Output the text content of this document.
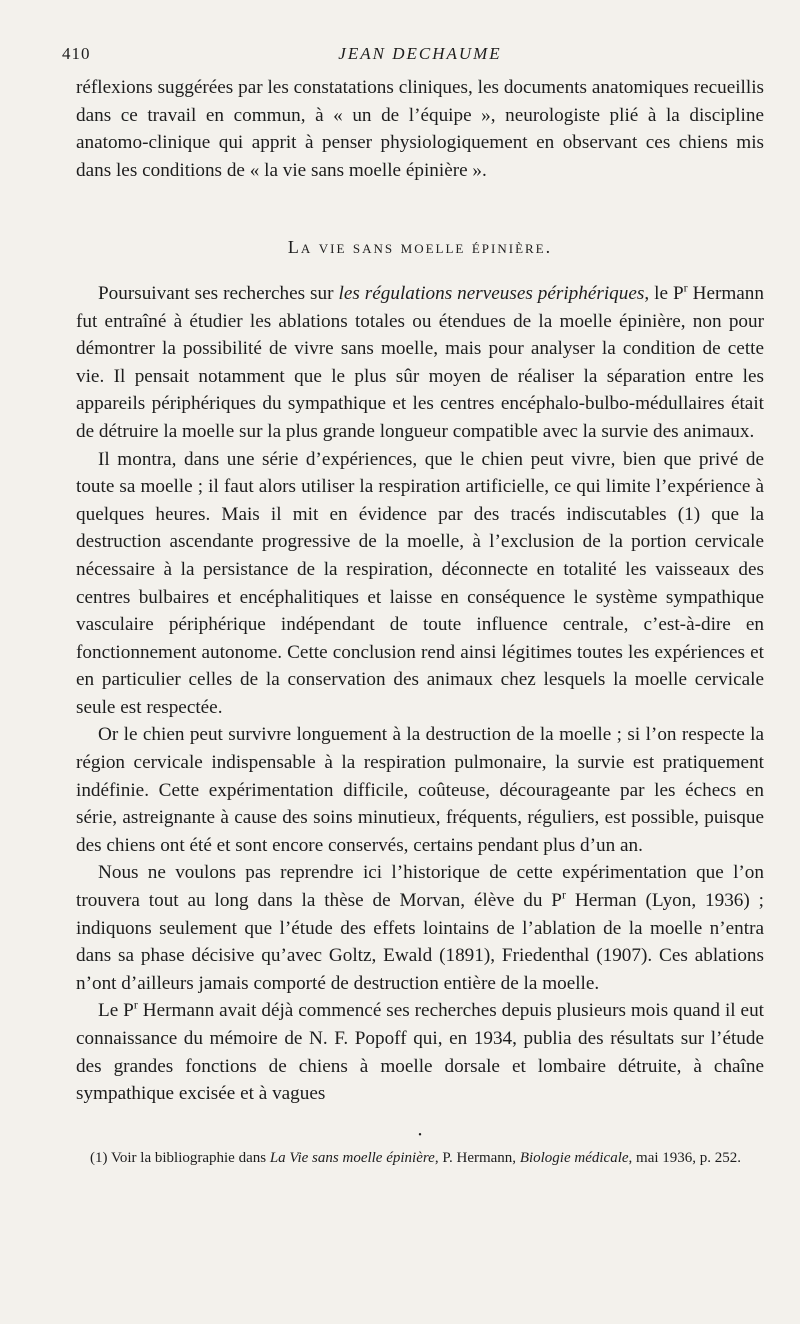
410	JEAN DECHAUME

réflexions suggérées par les constatations cliniques, les documents anatomiques recueillis dans ce travail en commun, à « un de l’équipe », neurologiste plié à la discipline anatomo-clinique qui apprit à penser physiologiquement en observant ces chiens mis dans les conditions de « la vie sans moelle épinière ».

La vie sans moelle épinière.

Poursuivant ses recherches sur les régulations nerveuses périphériques, le $P^r$ Hermann fut entraîné à étudier les ablations totales ou étendues de la moelle épinière, non pour démontrer la possibilité de vivre sans moelle, mais pour analyser la condition de cette vie. Il pensait notamment que le plus sûr moyen de réaliser la séparation entre les appareils périphériques du sympathique et les centres encéphalo-bulbo-médullaires était de détruire la moelle sur la plus grande longueur compatible avec la survie des animaux.

Il montra, dans une série d’expériences, que le chien peut vivre, bien que privé de toute sa moelle ; il faut alors utiliser la respiration artificielle, ce qui limite l’expérience à quelques heures. Mais il mit en évidence par des tracés indiscutables (1) que la destruction ascendante progressive de la moelle, à l’exclusion de la portion cervicale nécessaire à la persistance de la respiration, déconnecte en totalité les vaisseaux des centres bulbaires et encéphalitiques et laisse en conséquence le système sympathique vasculaire périphérique indépendant de toute influence centrale, c’est-à-dire en fonctionnement autonome. Cette conclusion rend ainsi légitimes toutes les expériences et en particulier celles de la conservation des animaux chez lesquels la moelle cervicale seule est respectée.

Or le chien peut survivre longuement à la destruction de la moelle ; si l’on respecte la région cervicale indispensable à la respiration pulmonaire, la survie est pratiquement indéfinie. Cette expérimentation difficile, coûteuse, décourageante par les échecs en série, astreignante à cause des soins minutieux, fréquents, réguliers, est possible, puisque des chiens ont été et sont encore conservés, certains pendant plus d’un an.

Nous ne voulons pas reprendre ici l’historique de cette expérimentation que l’on trouvera tout au long dans la thèse de Morvan, élève du $P^r$ Herman (Lyon, 1936) ; indiquons seulement que l’étude des effets lointains de l’ablation de la moelle n’entra dans sa phase décisive qu’avec Goltz, Ewald (1891), Friedenthal (1907). Ces ablations n’ont d’ailleurs jamais comporté de destruction entière de la moelle.

Le $P^r$ Hermann avait déjà commencé ses recherches depuis plusieurs mois quand il eut connaissance du mémoire de N. F. Popoff qui, en 1934, publia des résultats sur l’étude des grandes fonctions de chiens à moelle dorsale et lombaire détruite, à chaîne sympathique excisée et à vagues

•
(1) Voir la bibliographie dans La Vie sans moelle épinière, P. Hermann, Biologie médicale, mai 1936, p. 252.
